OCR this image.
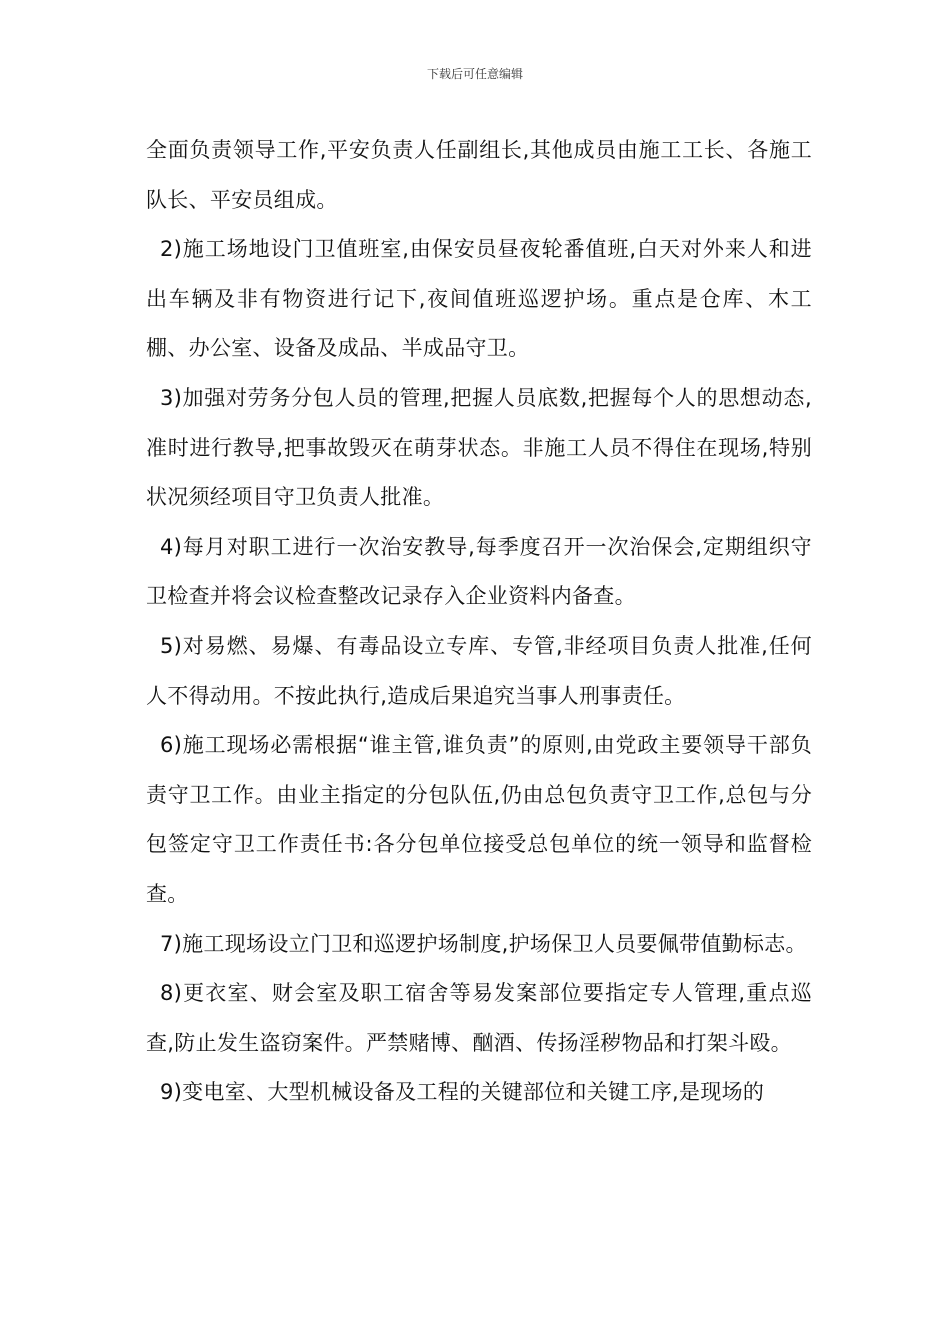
下载后可任意编辑

全面负责领导工作,平安负责人任副组长,其他成员由施工工长、各施工队长、平安员组成。

2)施工场地设门卫值班室,由保安员昼夜轮番值班,白天对外来人和进出车辆及非有物资进行记下,夜间值班巡逻护场。重点是仓库、木工棚、办公室、设备及成品、半成品守卫。

3)加强对劳务分包人员的管理,把握人员底数,把握每个人的思想动态,准时进行教导,把事故毁灭在萌芽状态。非施工人员不得住在现场,特别状况须经项目守卫负责人批准。

4)每月对职工进行一次治安教导,每季度召开一次治保会,定期组织守卫检查并将会议检查整改记录存入企业资料内备查。

5)对易燃、易爆、有毒品设立专库、专管,非经项目负责人批准,任何人不得动用。不按此执行,造成后果追究当事人刑事责任。

6)施工现场必需根据“谁主管,谁负责”的原则,由党政主要领导干部负责守卫工作。由业主指定的分包队伍,仍由总包负责守卫工作,总包与分包签定守卫工作责任书:各分包单位接受总包单位的统一领导和监督检查。

7)施工现场设立门卫和巡逻护场制度,护场保卫人员要佩带值勤标志。

8)更衣室、财会室及职工宿舍等易发案部位要指定专人管理,重点巡查,防止发生盗窃案件。严禁赌博、酗酒、传扬淫秽物品和打架斗殴。

9)变电室、大型机械设备及工程的关键部位和关键工序,是现场的
